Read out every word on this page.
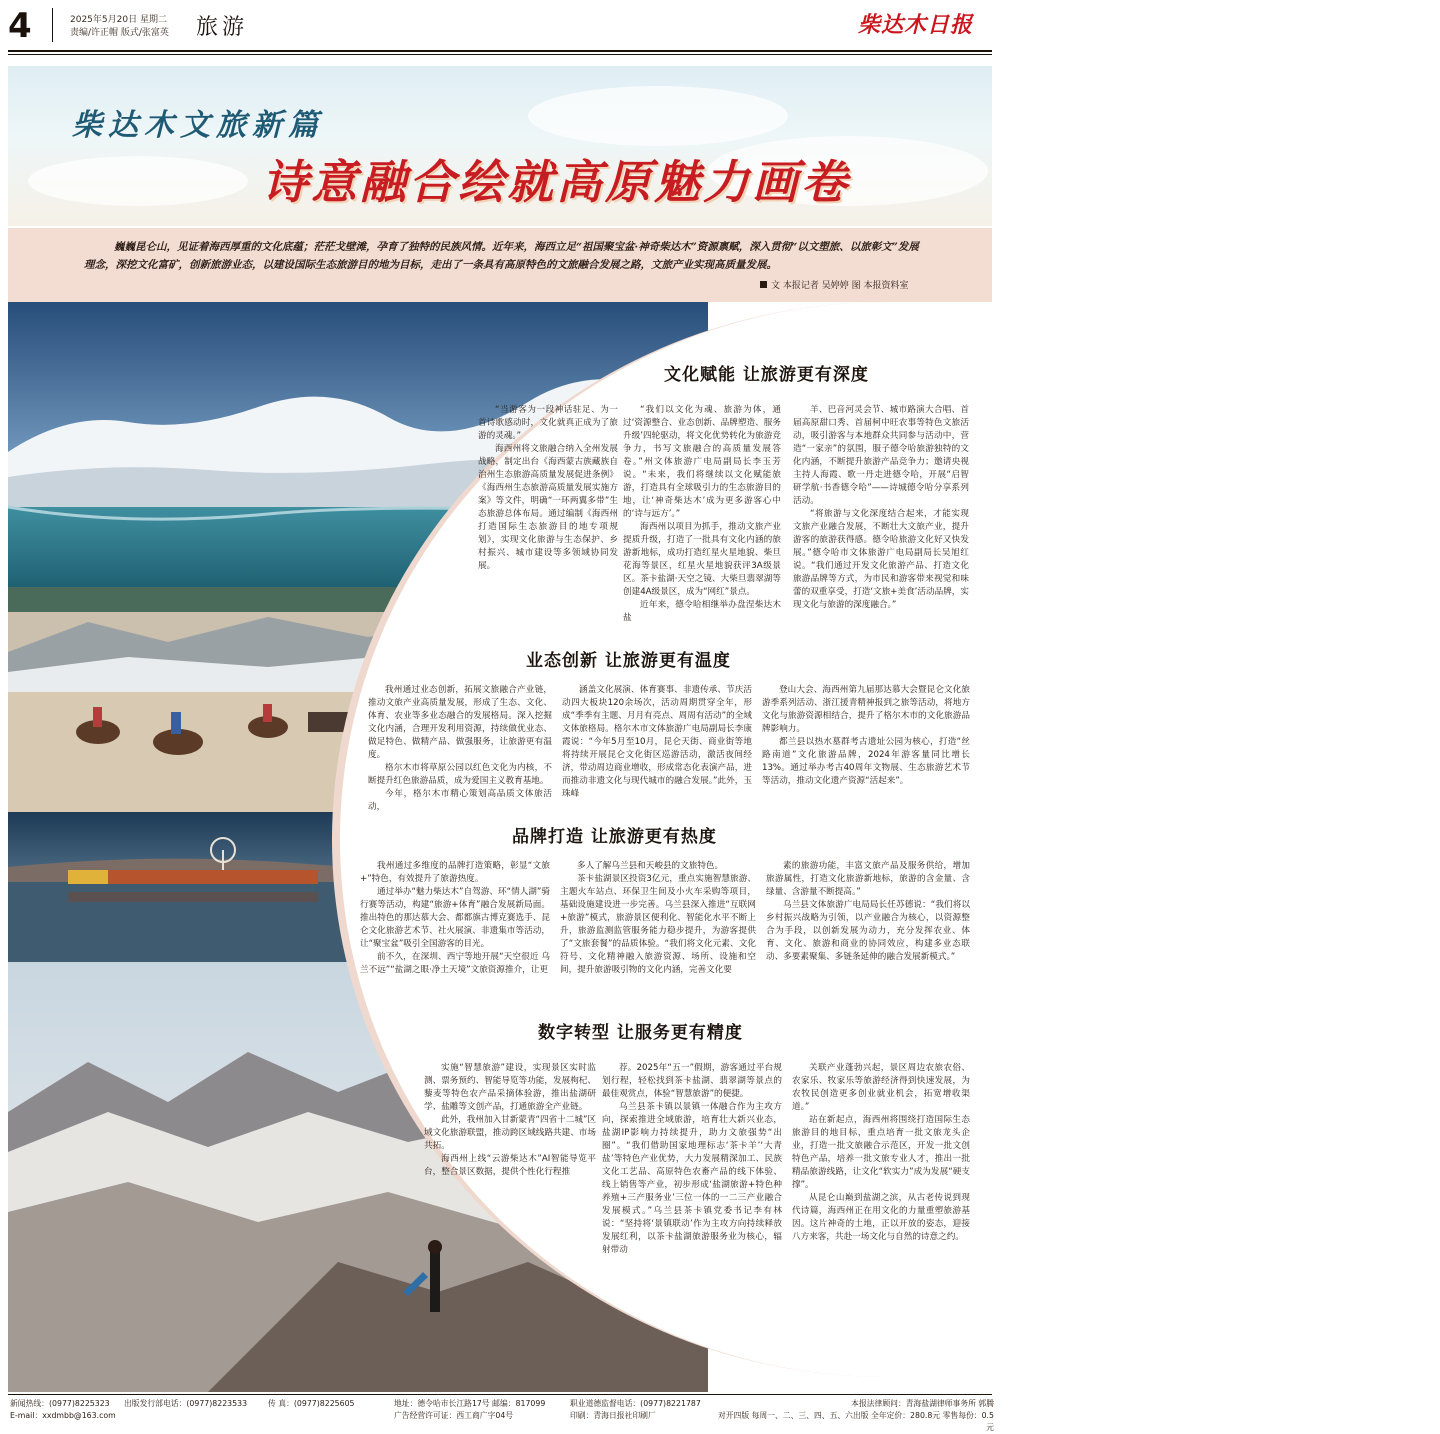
4	2025年5月20日 星期二
责编/许正帽 版式/张富英 旅游	柴达木日报
柴达木文旅新篇
诗意融合绘就高原魅力画卷
巍巍昆仑山，见证着海西厚重的文化底蕴；茫茫戈壁滩，孕育了独特的民族风情。近年来，海西立足“祖国聚宝盆·神奇柴达木”资源禀赋，深入贯彻“以文塑旅、以旅彰文”发展理念，深挖文化富矿，创新旅游业态，以建设国际生态旅游目的地为目标，走出了一条具有高原特色的文旅融合发展之路，文旅产业实现高质量发展。
文 本报记者 吴婷婷 图 本报资料室
文化赋能 让旅游更有深度

“当游客为一段神话驻足、为一首诗歌感动时，文化就真正成为了旅游的灵魂。”

海西州将文旅融合纳入全州发展战略，制定出台《海西蒙古族藏族自治州生态旅游高质量发展促进条例》《海西州生态旅游高质量发展实施方案》等文件，明确“一环两翼多带”生态旅游总体布局。通过编制《海西州打造国际生态旅游目的地专项规划》，实现文化旅游与生态保护、乡村振兴、城市建设等多领域协同发展。

“我们以文化为魂、旅游为体，通过‘资源整合、业态创新、品牌塑造、服务升级’四轮驱动，将文化优势转化为旅游竞争力，书写文旅融合的高质量发展答卷。”州文体旅游广电局副局长李玉芳说。“未来，我们将继续以文化赋能旅游，打造具有全球吸引力的生态旅游目的地，让‘神奇柴达木’成为更多游客心中的‘诗与远方’。”

海西州以项目为抓手，推动文旅产业提质升级，打造了一批具有文化内涵的旅游新地标，成功打造红星火星地貌、柴旦花海等景区，红星火星地貌获评3A级景区。茶卡盐湖·天空之镜、大柴旦翡翠湖等创建4A级景区，成为“网红”景点。

近年来，德令哈相继举办盘涅柴达木盐

羊、巴音河灵会节、城市路演大合唱、首届高原甜口秀、首届柯中旺农事等特色文旅活动，吸引游客与本地群众共同参与活动中，营造“一家亲”的氛围，服子德令哈旅游独特的文化内涵，不断提升旅游产品竞争力；邀请央视主持人海霞、歌一丹走进德令哈，开展“启智研学航·书香德令哈”——诗城德令哈分享系列活动。

“将旅游与文化深度结合起来，才能实现文旅产业融合发展，不断壮大文旅产业，提升游客的旅游获得感。德令哈旅游文化好又快发展。”德令哈市文体旅游广电局副局长吴旭红说。“我们通过开发文化旅游产品、打造文化旅游品牌等方式，为市民和游客带来视觉和味蕾的双重享受，打造‘文旅+美食’活动品牌，实现文化与旅游的深度融合。”

业态创新 让旅游更有温度

我州通过业态创新，拓展文旅融合产业链，推动文旅产业高质量发展，形成了生态、文化、体育、农业等多业态融合的发展格局。深入挖掘文化内涵，合理开发利用资源，持续做优业态、做足特色、做精产品、做强服务，让旅游更有温度。

格尔木市将草原公园以红色文化为内核，不断提升红色旅游品质，成为爱国主义教育基地。

今年，格尔木市精心策划高品质文体旅活动，

涵盖文化展演、体育赛事、非遗传承、节庆活动四大板块120余场次，活动周期贯穿全年，形成“季季有主题、月月有亮点、周周有活动”的全域文体旅格局。格尔木市文体旅游广电局副局长李康霞说：“今年5月至10月，昆仑天街、商业街等地将持续开展昆仑文化街区巡游活动，激活夜间经济，带动周边商业增收，形成常态化表演产品，进而推动非遗文化与现代城市的融合发展。”此外，玉珠峰

登山大会、海西州第九届那达慕大会暨昆仑文化旅游季系列活动、浙江援青精神报到之旅等活动，将地方文化与旅游资源相结合，提升了格尔木市的文化旅游品牌影响力。

都兰县以热水墓群考古遗址公园为核心，打造“丝路南道”文化旅游品牌，2024年游客量同比增长13%。通过举办考古40周年文物展、生态旅游艺术节等活动，推动文化遗产资源“活起来”。

品牌打造 让旅游更有热度

我州通过多维度的品牌打造策略，彰显“文旅+”特色，有效提升了旅游热度。

通过举办“魅力柴达木”自驾游、环“情人湖”骑行赛等活动，构建“旅游+体育”融合发展新局面。推出特色的那达慕大会、都都旗古博克赛选手、昆仑文化旅游艺术节、社火展演、非遗集市等活动，让“聚宝盆”吸引全国游客的目光。

前不久，在深圳、西宁等地开展“天空很近 乌兰不远”“盐湖之眼·净土天境”文旅资源推介，让更

多人了解乌兰县和天峻县的文旅特色。

茶卡盐湖景区投资3亿元，重点实施智慧旅游、主题火车站点、环保卫生间及小火车采购等项目，基础设施建设进一步完善。乌兰县深入推进“互联网+旅游”模式，旅游景区便利化、智能化水平不断上升，旅游监测监管服务能力稳步提升，为游客提供了“文旅套餐”的品质体验。“我们将文化元素、文化符号、文化精神融入旅游资源、场所、设施和空间，提升旅游吸引物的文化内涵，完善文化要

素的旅游功能，丰富文旅产品及服务供给，增加旅游属性，打造文化旅游新地标，旅游的含金量、含绿量、含游量不断提高。”

乌兰县文体旅游广电局局长任苏德说：“我们将以乡村振兴战略为引领，以产业融合为核心，以资源整合为手段，以创新发展为动力，充分发挥农业、体育、文化、旅游和商业的协同效应，构建多业态联动、多要素聚集、多链条延伸的融合发展新模式。”

数字转型 让服务更有精度

实施“智慧旅游”建设，实现景区实时监测、票务预约、智能导览等功能，发展枸杞、藜麦等特色农产品采摘体验游，推出盐湖研学、盐雕等文创产品，打通旅游全产业链。

此外，我州加入甘新蒙青“四省十二城”区域文化旅游联盟，推动跨区域线路共建、市场共拓。

海西州上线“云游柴达木”AI智能导览平台，整合景区数据，提供个性化行程推

荐。2025年“五一”假期，游客通过平台规划行程，轻松找到茶卡盐湖、翡翠湖等景点的最佳观赏点，体验“智慧旅游”的便捷。

乌兰县茶卡镇以景镇一体融合作为主攻方向，探索推进全域旅游，培育壮大新兴业态，盐湖IP影响力持续提升，助力文旅强势“出圈”。“我们借助国家地理标志‘茶卡羊’‘大青盐’等特色产业优势，大力发展精深加工、民族文化工艺品、高原特色农畜产品的线下体验、线上销售等产业，初步形成‘盐湖旅游+特色种养殖+三产服务业’三位一体的一二三产业融合发展模式。”乌兰县茶卡镇党委书记李有林说：“坚持将‘景镇联动’作为主攻方向持续释放发展红利，以茶卡盐湖旅游服务业为核心，辐射带动

关联产业蓬勃兴起，景区周边农旅农俗、农家乐、牧家乐等旅游经济得到快速发展，为农牧民创造更多创业就业机会，拓宽增收渠道。”

站在新起点，海西州将围绕打造国际生态旅游目的地目标，重点培育一批文旅龙头企业，打造一批文旅融合示范区，开发一批文创特色产品，培养一批文旅专业人才，推出一批精品旅游线路，让文化“软实力”成为发展“硬支撑”。

从昆仑山巅到盐湖之滨，从古老传说到现代诗篇，海西州正在用文化的力量重塑旅游基因。这片神奇的土地，正以开放的姿态，迎接八方来客，共赴一场文化与自然的诗意之约。

新闻热线：(0977)8225323
E-mail：xxdmbb@163.com
出版发行部电话：(0977)8223533	传 真：(0977)8225605	地址：德令哈市长江路17号 邮编：817099
广告经营许可证：西工商广字04号
职业道德监督电话：(0977)8221787
印刷：青海日报社印刷厂
本报法律顾问：青海盐湖律师事务所 郭腾
对开四版 每周一、二、三、四、五、六出版 全年定价：280.8元 零售每份：0.5元
